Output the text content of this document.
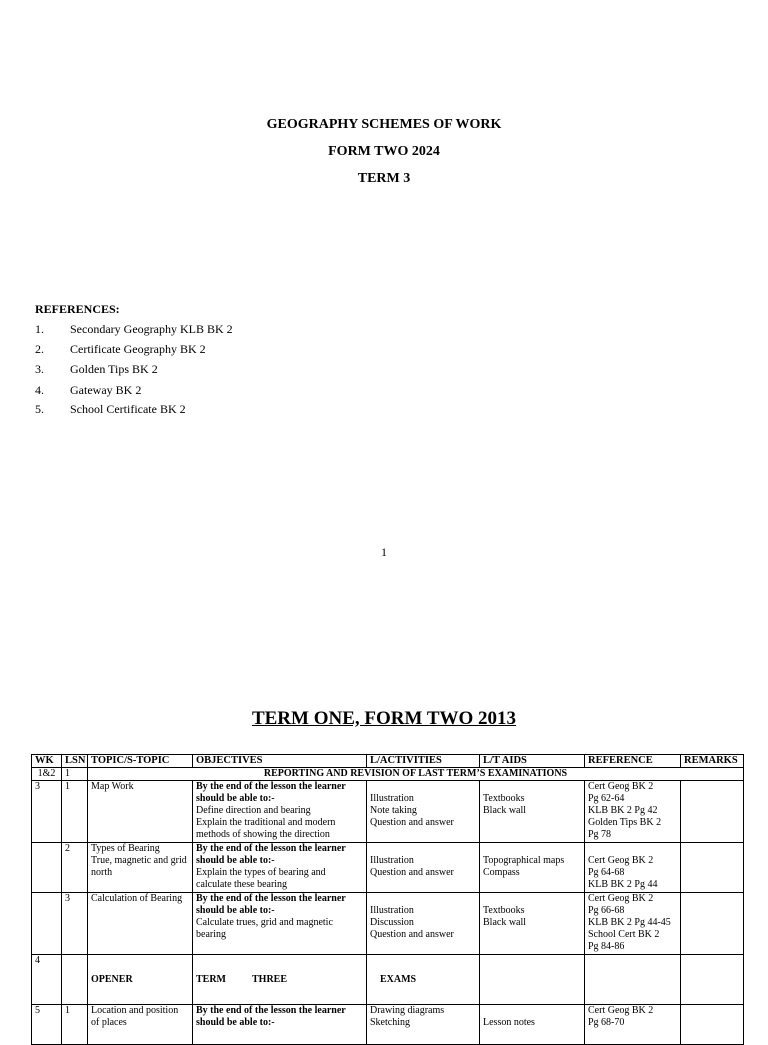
GEOGRAPHY SCHEMES OF WORK
FORM TWO 2024
TERM 3
REFERENCES:
1. Secondary Geography KLB BK 2
2. Certificate Geography BK 2
3. Golden Tips BK 2
4. Gateway BK 2
5. School Certificate BK 2
1
TERM ONE, FORM TWO 2013
WK	LSN	TOPIC/S-TOPIC	OBJECTIVES	L/ACTIVITIES	L/T AIDS	REFERENCE	REMARKS
1&2	1	REPORTING AND REVISION OF LAST TERM’S EXAMINATIONS					
3	1	Map Work	By the end of the lesson the learner should be able to:-
Define direction and bearing
Explain the traditional and modern methods of showing the direction	Illustration
Note taking
Question and answer	Textbooks
Black wall	Cert Geog BK 2
Pg 62-64
KLB BK 2 Pg 42
Golden Tips BK 2
Pg 78	

	2	Types of Bearing
True, magnetic and grid north	By the end of the lesson the learner should be able to:-
Explain the types of bearing and calculate these bearing	Illustration
Question and answer	Topographical maps
Compass	Cert Geog BK 2
Pg 64-68
KLB BK 2 Pg 44	

	3	Calculation of Bearing	By the end of the lesson the learner should be able to:-
Calculate trues, grid and magnetic bearing	Illustration
Discussion
Question and answer	Textbooks
Black wall	Cert Geog BK 2
Pg 66-68
KLB BK 2 Pg 44-45
School Cert BK 2
Pg 84-86	

4		OPENER	TERM THREE	EXAMS			
5	1	Location and position of places	By the end of the lesson the learner should be able to:-	Drawing diagrams
Sketching	Lesson notes	Cert Geog BK 2
Pg 68-70	
